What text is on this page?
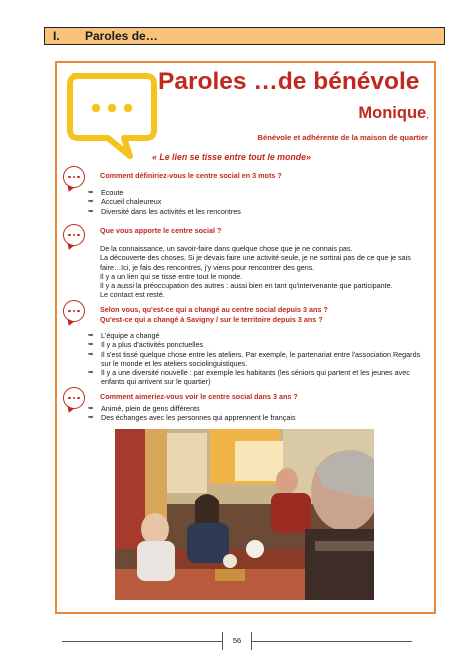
I. Paroles de…
Paroles …de bénévole
Monique,
Bénévole et adhérente de la maison de quartier
« Le lien se tisse entre tout le monde»
Comment définiriez-vous le centre social en 3 mots ?
➥ Ecoute
➥ Accueil chaleureux
➥ Diversité dans les activités et les rencontres
Que vous apporte le centre social ?

De la connaissance, un savoir-faire dans quelque chose que je ne connais pas.

La découverte des choses. Si je devais faire une activité seule, je ne sortirai pas de ce que je sais faire…Ici, je fais des rencontres, j'y viens pour rencontrer des gens.

Il y a un lien qui se tisse entre tout le monde.

Il y a aussi la préoccupation des autres : aussi bien en tant qu'intervenante que participante.

Le contact est resté.

Selon vous, qu'est-ce qui a changé au centre social depuis 3 ans ?
Qu'est-ce qui a changé à Savigny / sur le territoire depuis 3 ans ?
➥ L'équipe a changé
➥ Il y a plus d'activités ponctuelles
➥ Il s'est tissé quelque chose entre les ateliers. Par exemple, le partenariat entre l'association Regards sur le monde et les ateliers sociolinguistiques.
➥ Il y a une diversité nouvelle : par exemple les habitants (les séniors qui partent et les jeunes avec enfants qui arrivent sur le quartier)
Comment aimeriez-vous voir le centre social dans 3 ans ?
➥ Animé, plein de gens différents
➥ Des échanges avec les personnes qui apprennent le français
56
